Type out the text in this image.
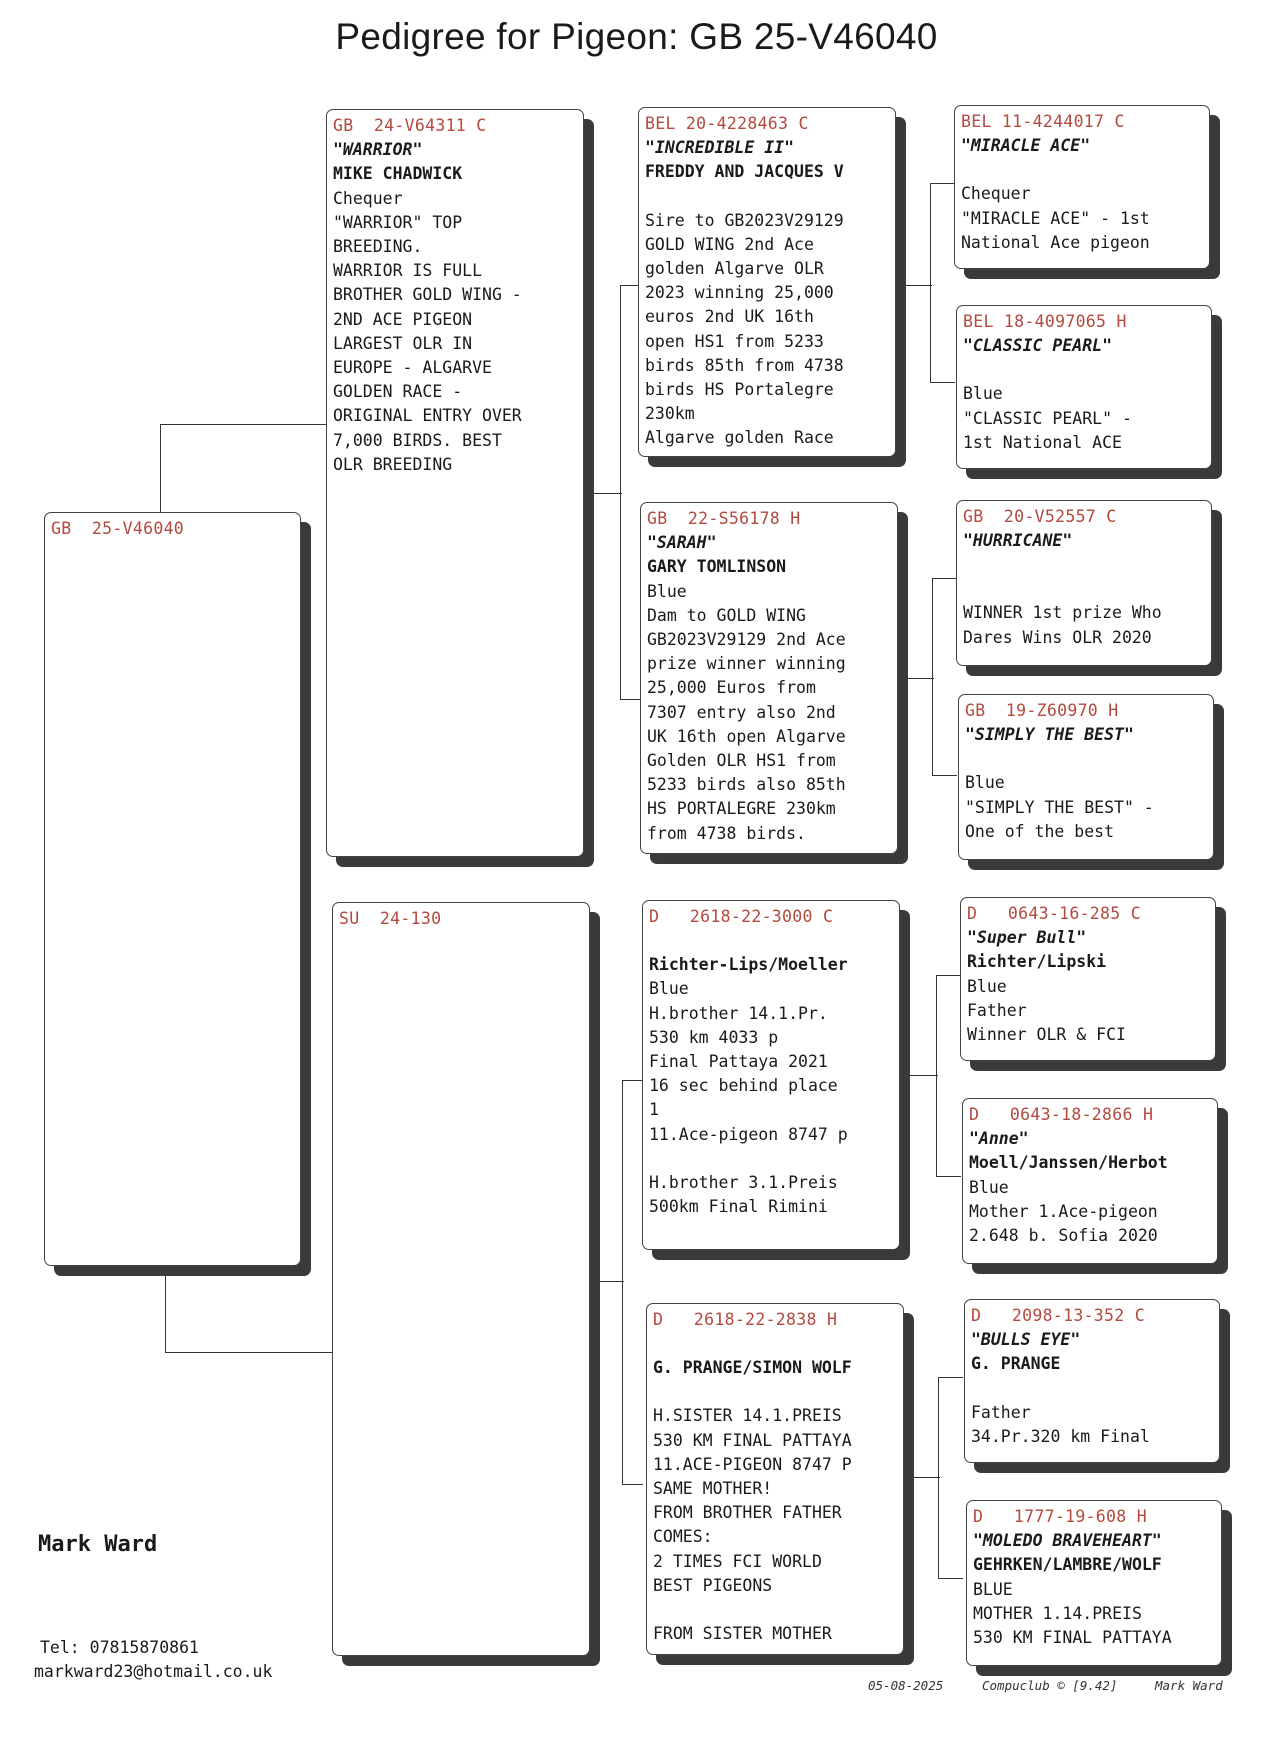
Pedigree for Pigeon: GB 25-V46040
GB  25-V46040
GB  24-V64311 C
"WARRIOR"
MIKE CHADWICK
Chequer
"WARRIOR" TOP
BREEDING.
WARRIOR IS FULL
BROTHER GOLD WING -
2ND ACE PIGEON
LARGEST OLR IN
EUROPE - ALGARVE
GOLDEN RACE -
ORIGINAL ENTRY OVER
7,000 BIRDS. BEST
OLR BREEDING
SU  24-130
BEL 20-4228463 C
"INCREDIBLE II"
FREDDY AND JACQUES V
Sire to GB2023V29129
GOLD WING 2nd Ace
golden Algarve OLR
2023 winning 25,000
euros 2nd UK 16th
open HS1 from 5233
birds 85th from 4738
birds HS Portalegre
230km
Algarve golden Race
GB  22-S56178 H
"SARAH"
GARY TOMLINSON
Blue
Dam to GOLD WING
GB2023V29129 2nd Ace
prize winner winning
25,000 Euros from
7307 entry also 2nd
UK 16th open Algarve
Golden OLR HS1 from
5233 birds also 85th
HS PORTALEGRE 230km
from 4738 birds.
D   2618-22-3000 C
Richter-Lips/Moeller
Blue
H.brother 14.1.Pr.
530 km 4033 p
Final Pattaya 2021
16 sec behind place
1
11.Ace-pigeon 8747 p
H.brother 3.1.Preis
500km Final Rimini
D   2618-22-2838 H
G. PRANGE/SIMON WOLF
H.SISTER 14.1.PREIS
530 KM FINAL PATTAYA
11.ACE-PIGEON 8747 P
SAME MOTHER!
FROM BROTHER FATHER
COMES:
2 TIMES FCI WORLD
BEST PIGEONS
FROM SISTER MOTHER
BEL 11-4244017 C
"MIRACLE ACE"
Chequer
"MIRACLE ACE" - 1st
National Ace pigeon
BEL 18-4097065 H
"CLASSIC PEARL"
Blue
"CLASSIC PEARL" -
1st National ACE
GB  20-V52557 C
"HURRICANE"
WINNER 1st prize Who
Dares Wins OLR 2020
GB  19-Z60970 H
"SIMPLY THE BEST"
Blue
"SIMPLY THE BEST" -
One of the best
D   0643-16-285 C
"Super Bull"
Richter/Lipski
Blue
Father
Winner OLR & FCI
D   0643-18-2866 H
"Anne"
Moell/Janssen/Herbot
Blue
Mother 1.Ace-pigeon
2.648 b. Sofia 2020
D   2098-13-352 C
"BULLS EYE"
G. PRANGE
Father
34.Pr.320 km Final
D   1777-19-608 H
"MOLEDO BRAVEHEART"
GEHRKEN/LAMBRE/WOLF
BLUE
MOTHER 1.14.PREIS
530 KM FINAL PATTAYA
Mark Ward
Tel: 07815870861
markward23@hotmail.co.uk
05-08-2025	Compuclub © [9.42]	Mark Ward
